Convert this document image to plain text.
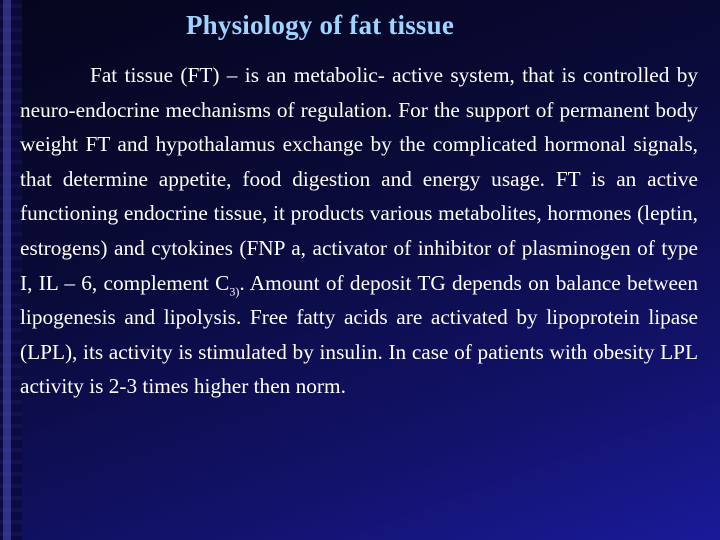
Physiology of fat tissue

Fat tissue (FT) – is an metabolic- active system, that is controlled by neuro-endocrine mechanisms of regulation. For the support of permanent body weight FT and hypothalamus exchange by the complicated hormonal signals, that determine appetite, food digestion and energy usage. FT is an active functioning endocrine tissue, it products various metabolites, hormones (leptin, estrogens) and cytokines (FNP a, activator of inhibitor of plasminogen of type I, IL – 6, complement $C_{3)}$. Amount of deposit TG depends on balance between lipogenesis and lipolysis. Free fatty acids are activated by lipoprotein lipase (LPL), its activity is stimulated by insulin. In case of patients with obesity LPL activity is 2-3 times higher then norm.
